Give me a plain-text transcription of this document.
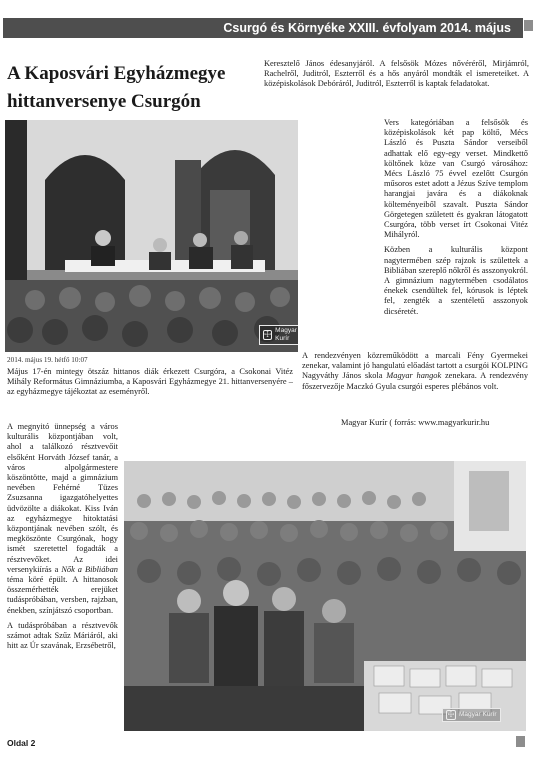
Csurgó és Környéke XXIII. évfolyam 2014. május
A Kaposvári Egyházmegye
hittanversenye Csurgón

Keresztelő János édesanyjáról. A felsősök Mózes nővéréről, Mirjámról, Rachelről, Juditról, Eszterről és a hős anyáról mondták el ismereteiket. A középiskolások Debóráról, Juditról, Eszterről is kaptak feladatokat.

☩ Magyar Kurír

Vers kategóriában a felsősök és középiskolások két pap költő, Mécs László és Puszta Sándor verseiből adhattak elő egy-egy verset. Mindkettő költőnek köze van Csurgó városához: Mécs László 75 évvel ezelőtt Csurgón műsoros estet adott a Jézus Szíve templom harangjai javára és a diákoknak költeményeiből szavalt. Puszta Sándor Görgetegen született és gyakran látogatott Csurgóra, több verset írt Csokonai Vitéz Mihályról.

Közben a kulturális központ nagytermében szép rajzok is születtek a Bibliában szereplő nőkről és asszonyokról. A gimnázium nagytermében csodálatos énekek csendültek fel, kórusok is léptek fel, zengték a szentéletű asszonyok dicséretét.

2014. május 19. hétfő 10:07

Május 17-én mintegy ötszáz hittanos diák érkezett Csurgóra, a Csokonai Vitéz Mihály Református Gimnáziumba, a Kaposvári Egyházmegye 21. hittanversenyére – az egyházmegye tájékoztat az eseményről.

A rendezvényen közreműködött a marcali Fény Gyermekei zenekar, valamint jó hangulatú előadást tartott a csurgói KOLPING Nagyváthy János skola Magyar hangok zenekara. A rendezvény főszervezője Maczkó Gyula csurgói esperes plébános volt.

Magyar Kurír ( forrás: www.magyarkurir.hu

A megnyitó ünnepség a város kulturális központjában volt, ahol a találkozó résztvevőit elsőként Horváth József tanár, a város alpolgármestere köszöntötte, majd a gimnázium nevében Fehérné Tüzes Zsuzsanna igazgatóhelyettes üdvözölte a diákokat. Kiss Iván az egyházmegye hitoktatási központjának nevében szólt, és megköszönte Csurgónak, hogy ismét szeretettel fogadták a résztvevőket. Az idei versenykiírás a Nők a Bibliában téma köré épült. A hittanosok összemérhették erejüket tudáspróbában, versben, rajzban, énekben, színjátszó csoportban.

A tudáspróbában a résztvevők számot adtak Szűz Máriáról, aki hitt az Úr szavának, Erzsébetről,

☩ Magyar Kurír
Oldal 2
